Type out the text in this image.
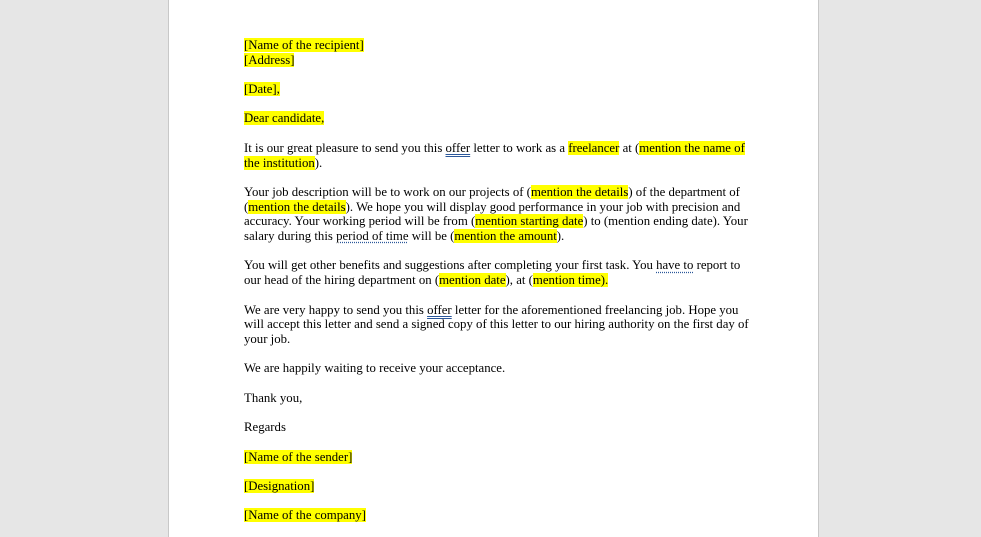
[Name of the recipient]
[Address]

[Date],

Dear candidate,

It is our great pleasure to send you this offer letter to work as a freelancer at (mention the name of the institution).

Your job description will be to work on our projects of (mention the details) of the department of (mention the details). We hope you will display good performance in your job with precision and accuracy. Your working period will be from (mention starting date) to (mention ending date). Your salary during this period of time will be (mention the amount).

You will get other benefits and suggestions after completing your first task. You have to report to our head of the hiring department on (mention date), at (mention time).

We are very happy to send you this offer letter for the aforementioned freelancing job. Hope you will accept this letter and send a signed copy of this letter to our hiring authority on the first day of your job.

We are happily waiting to receive your acceptance.

Thank you,

Regards

[Name of the sender]

[Designation]

[Name of the company]
